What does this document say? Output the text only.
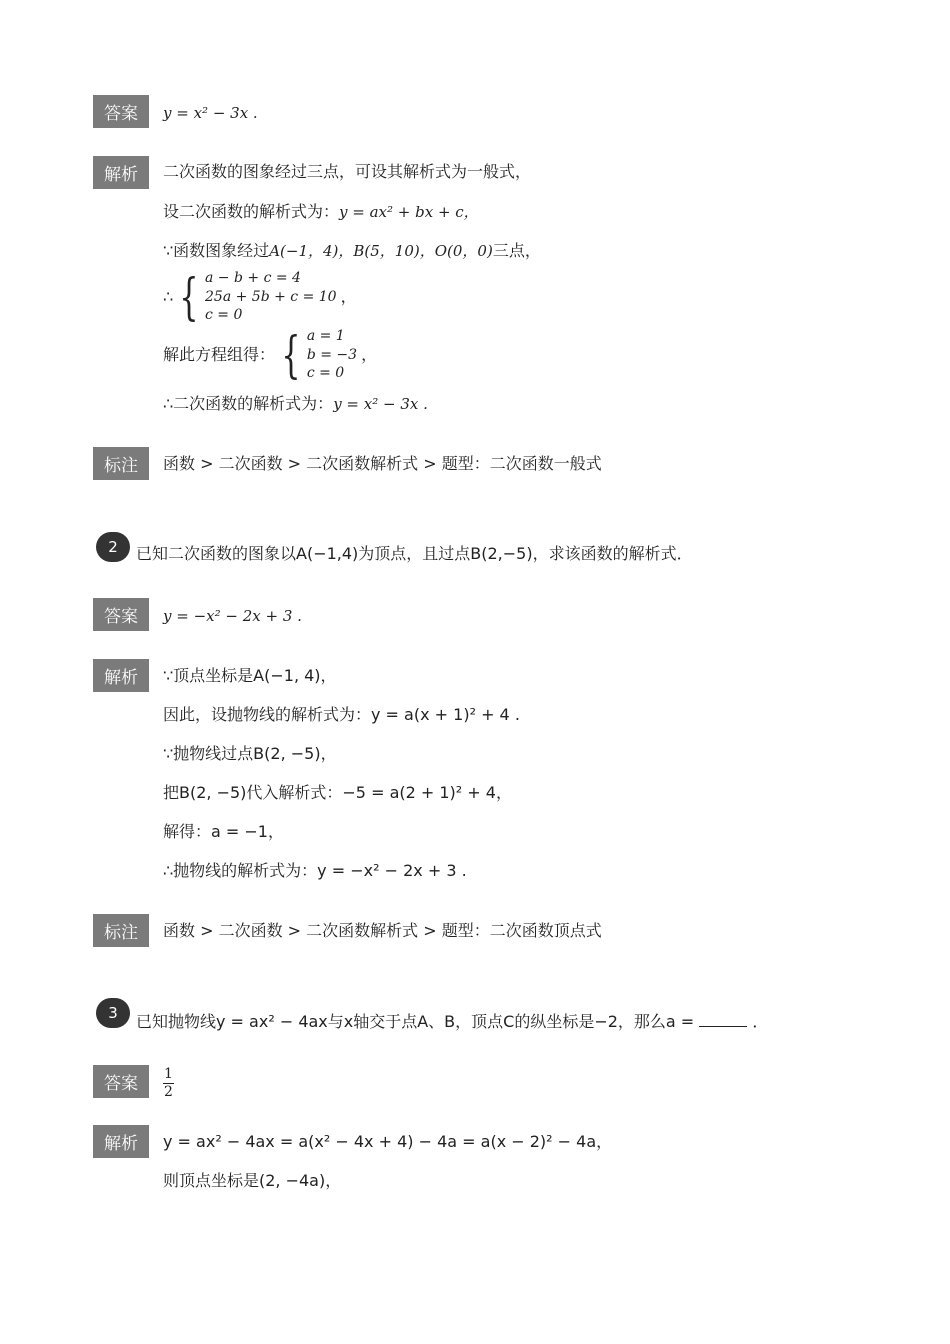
答案	y = x² − 3x .
解析	二次函数的图象经过三点，可设其解析式为一般式，
设二次函数的解析式为：y = ax² + bx + c，
∵函数图象经过A(−1，4)，B(5，10)，O(0，0)三点，
∴ { a − b + c = 4
25a + 5b + c = 10
c = 0
，
解此方程组得： { a = 1
b = −3
c = 0
，
∴二次函数的解析式为：y = x² − 3x .
标注	函数 > 二次函数 > 二次函数解析式 > 题型：二次函数一般式
2	已知二次函数的图象以A(−1,4)为顶点，且过点B(2,−5)，求该函数的解析式．
答案	y = −x² − 2x + 3 .
解析	∵顶点坐标是A(−1, 4)，
因此，设抛物线的解析式为：y = a(x + 1)² + 4 .
∵抛物线过点B(2, −5)，
把B(2, −5)代入解析式：−5 = a(2 + 1)² + 4，
解得：a = −1，
∴抛物线的解析式为：y = −x² − 2x + 3 .
标注	函数 > 二次函数 > 二次函数解析式 > 题型：二次函数顶点式
3	已知抛物线y = ax² − 4ax与x轴交于点A、B，顶点C的纵坐标是−2，那么a =	．
答案	$\frac{1}{2}$
解析	y = ax² − 4ax = a(x² − 4x + 4) − 4a = a(x − 2)² − 4a，
则顶点坐标是(2, −4a)，
